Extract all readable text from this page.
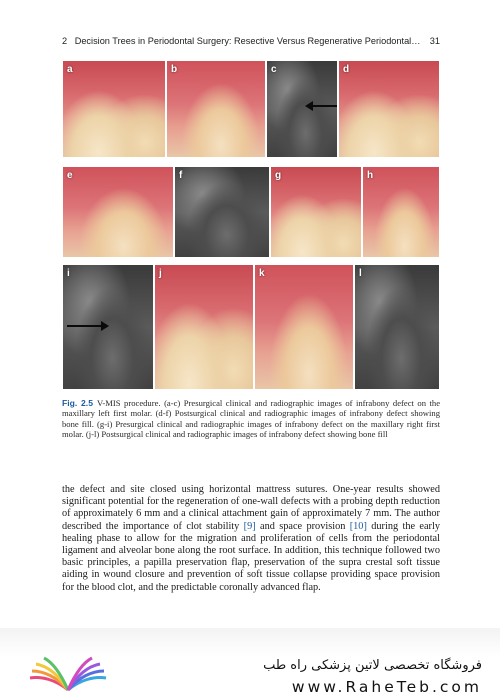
2 Decision Trees in Periodontal Surgery: Resective Versus Regenerative Periodontal…	31
a	b	c	d
e	f	g	h
i	j	k	l
Fig. 2.5 V-MIS procedure. (a-c) Presurgical clinical and radiographic images of infrabony defect on the maxillary left first molar. (d-f) Postsurgical clinical and radiographic images of infrabony defect showing bone fill. (g-i) Presurgical clinical and radiographic images of infrabony defect on the maxillary right first molar. (j-l) Postsurgical clinical and radiographic images of infrabony defect showing bone fill
the defect and site closed using horizontal mattress sutures. One-year results showed significant potential for the regeneration of one-wall defects with a probing depth reduction of approximately 6 mm and a clinical attachment gain of approximately 7 mm. The author described the importance of clot stability [9] and space provision [10] during the early healing phase to allow for the migration and proliferation of cells from the periodontal ligament and alveolar bone along the root surface. In addition, this technique followed two basic principles, a papilla preservation flap, preservation of the supra crestal soft tissue aiding in wound closure and prevention of soft tissue collapse providing space provision for the blood clot, and the predictable coronally advanced flap.
فروشگاه تخصصی لاتین پزشکی راه طب
www.RaheTeb.com
